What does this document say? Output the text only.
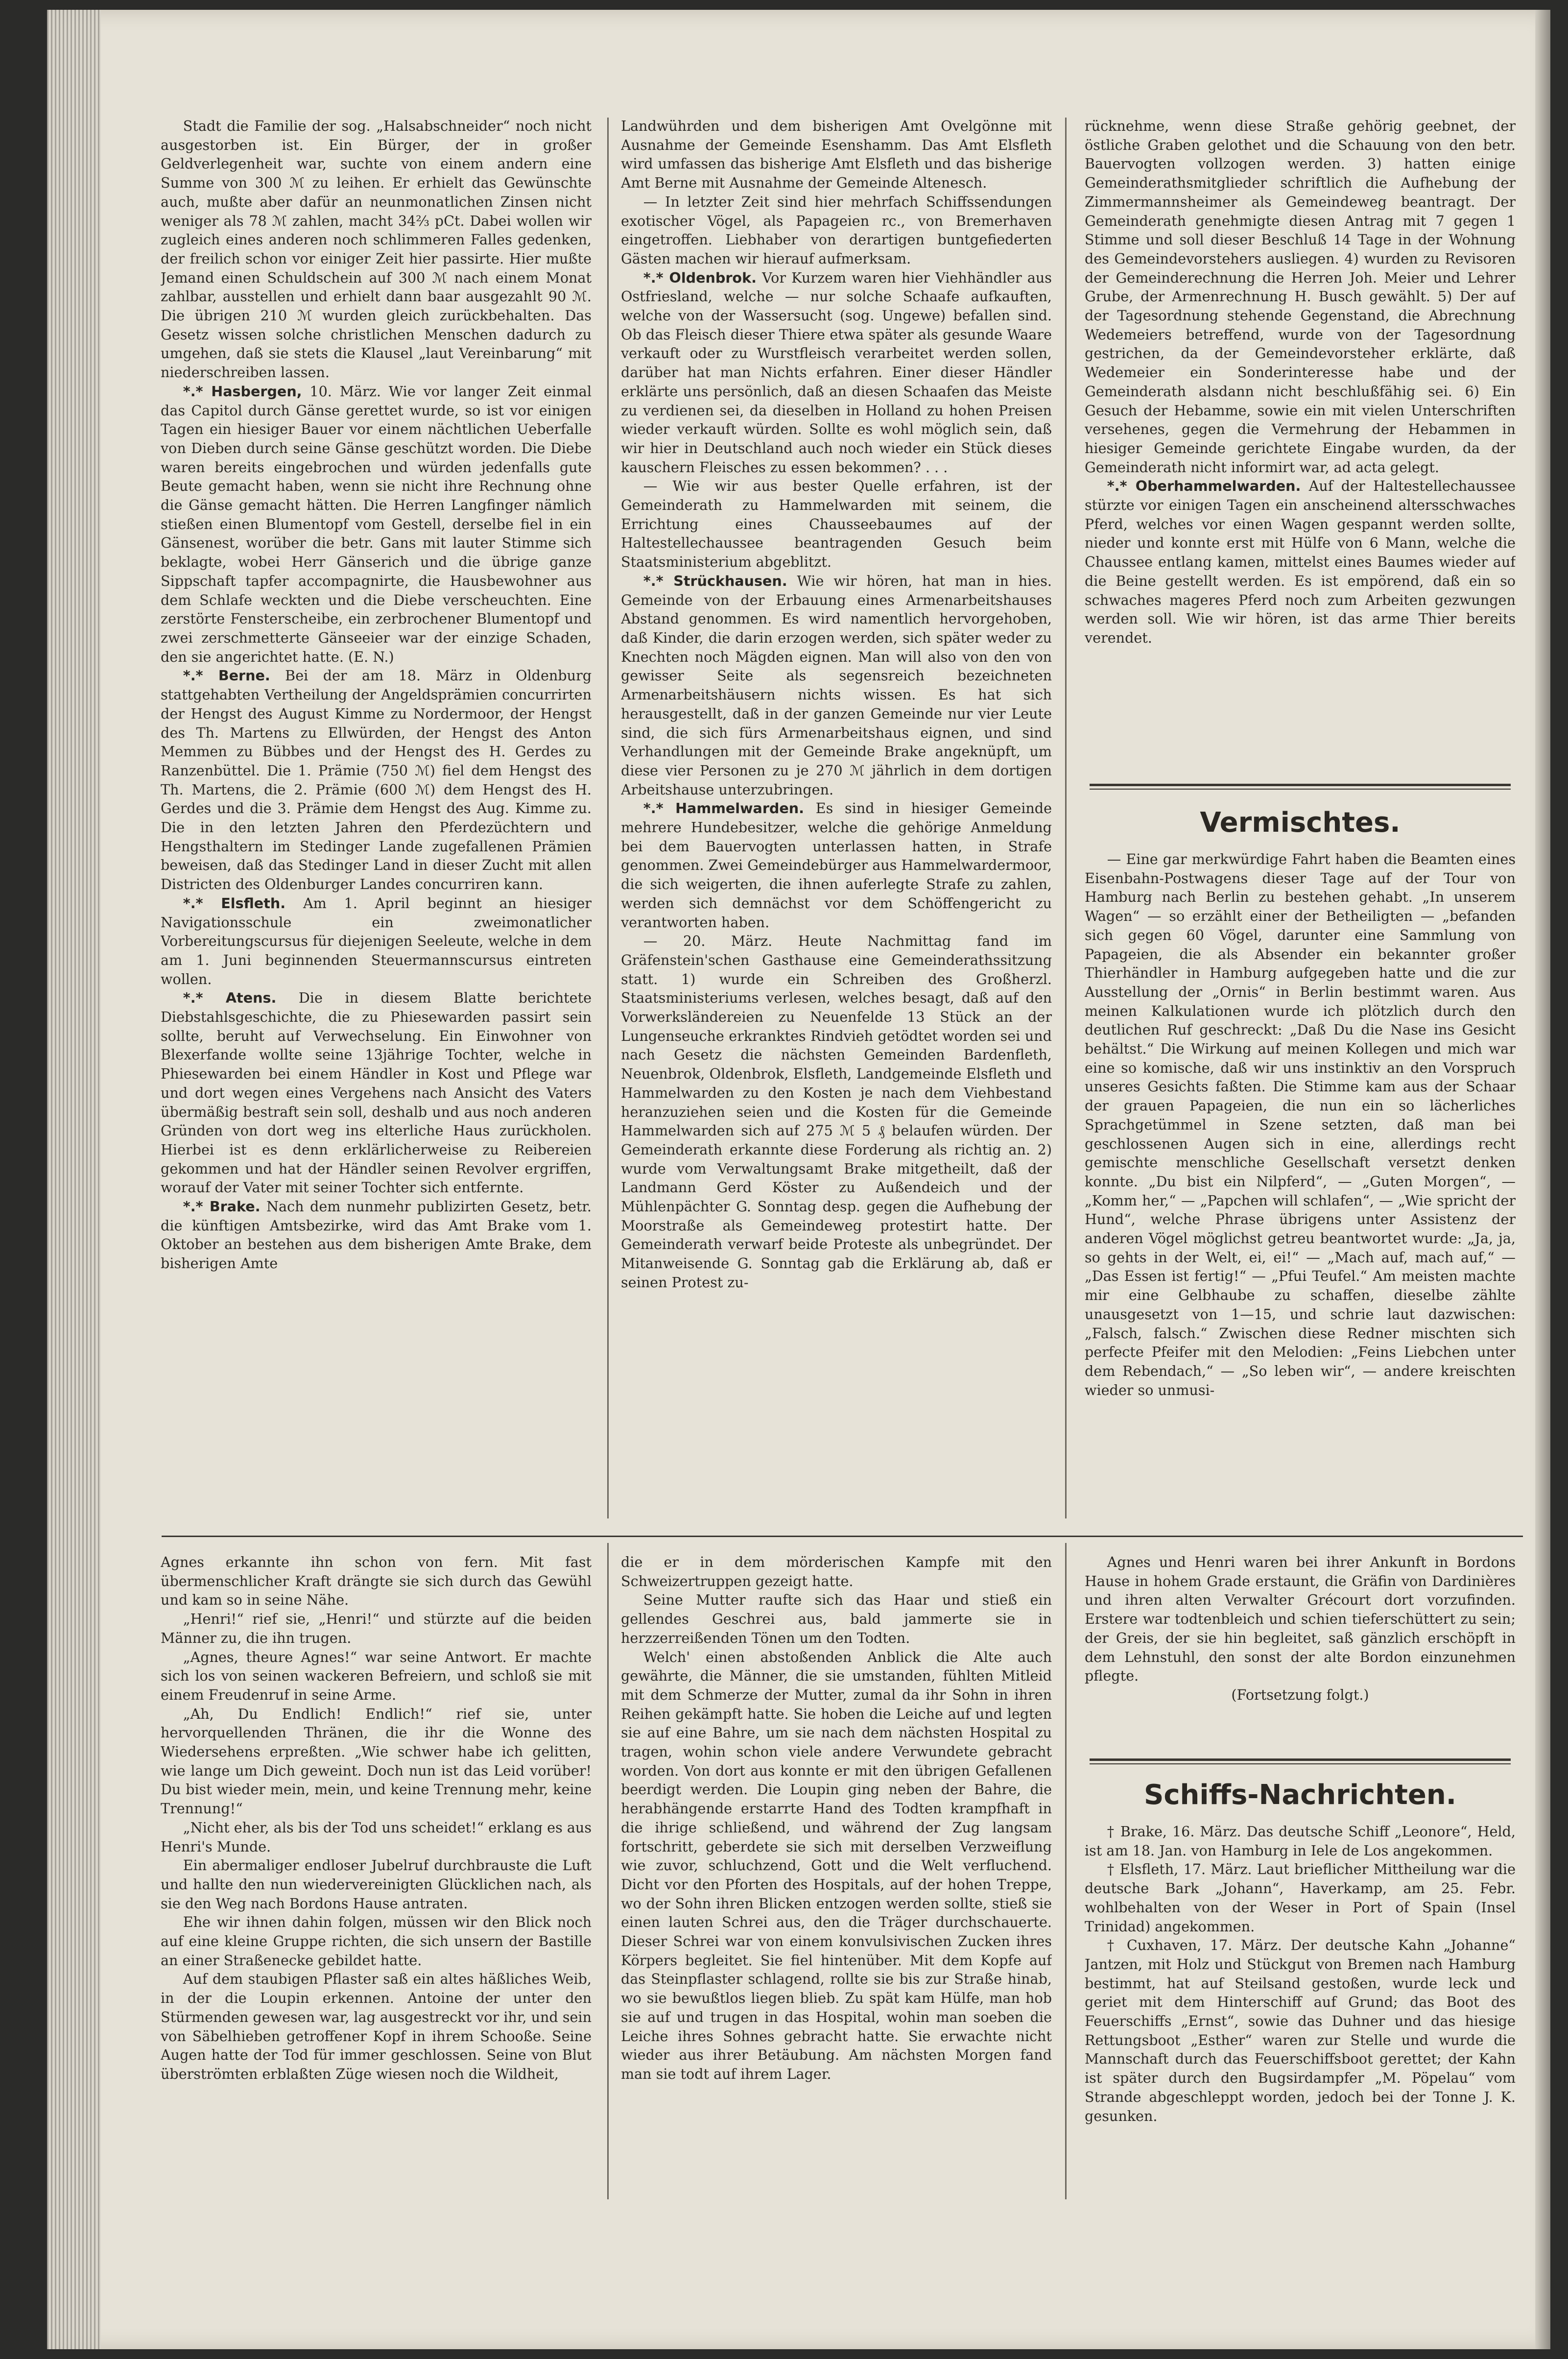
Stadt die Familie der sog. „Halsabschneider“ noch nicht ausgestorben ist. Ein Bürger, der in großer Geldverlegenheit war, suchte von einem andern eine Summe von 300 ℳ zu leihen. Er erhielt das Gewünschte auch, mußte aber dafür an neunmonatlichen Zinsen nicht weniger als 78 ℳ zahlen, macht 34⅔ pCt. Dabei wollen wir zugleich eines anderen noch schlimmeren Falles gedenken, der freilich schon vor einiger Zeit hier passirte. Hier mußte Jemand einen Schuldschein auf 300 ℳ nach einem Monat zahlbar, ausstellen und erhielt dann baar ausgezahlt 90 ℳ. Die übrigen 210 ℳ wurden gleich zurückbehalten. Das Gesetz wissen solche christlichen Menschen dadurch zu umgehen, daß sie stets die Klausel „laut Vereinbarung“ mit niederschreiben lassen.

*.* Hasbergen, 10. März. Wie vor langer Zeit einmal das Capitol durch Gänse gerettet wurde, so ist vor einigen Tagen ein hiesiger Bauer vor einem nächtlichen Ueberfalle von Dieben durch seine Gänse geschützt worden. Die Diebe waren bereits eingebrochen und würden jedenfalls gute Beute gemacht haben, wenn sie nicht ihre Rechnung ohne die Gänse gemacht hätten. Die Herren Langfinger nämlich stießen einen Blumentopf vom Gestell, derselbe fiel in ein Gänsenest, worüber die betr. Gans mit lauter Stimme sich beklagte, wobei Herr Gänserich und die übrige ganze Sippschaft tapfer accompagnirte, die Hausbewohner aus dem Schlafe weckten und die Diebe verscheuchten. Eine zerstörte Fensterscheibe, ein zerbrochener Blumentopf und zwei zerschmetterte Gänseeier war der einzige Schaden, den sie angerichtet hatte. (E. N.)

*.* Berne. Bei der am 18. März in Oldenburg stattgehabten Vertheilung der Angeldsprämien concurrirten der Hengst des August Kimme zu Nordermoor, der Hengst des Th. Martens zu Ellwürden, der Hengst des Anton Memmen zu Bübbes und der Hengst des H. Gerdes zu Ranzenbüttel. Die 1. Prämie (750 ℳ) fiel dem Hengst des Th. Martens, die 2. Prämie (600 ℳ) dem Hengst des H. Gerdes und die 3. Prämie dem Hengst des Aug. Kimme zu. Die in den letzten Jahren den Pferdezüchtern und Hengsthaltern im Stedinger Lande zugefallenen Prämien beweisen, daß das Stedinger Land in dieser Zucht mit allen Districten des Oldenburger Landes concurriren kann.

*.* Elsfleth. Am 1. April beginnt an hiesiger Navigationsschule ein zweimonatlicher Vorbereitungscursus für diejenigen Seeleute, welche in dem am 1. Juni beginnenden Steuermannscursus eintreten wollen.

*.* Atens. Die in diesem Blatte berichtete Diebstahlsgeschichte, die zu Phiesewarden passirt sein sollte, beruht auf Verwechselung. Ein Einwohner von Blexerfande wollte seine 13jährige Tochter, welche in Phiesewarden bei einem Händler in Kost und Pflege war und dort wegen eines Vergehens nach Ansicht des Vaters übermäßig bestraft sein soll, deshalb und aus noch anderen Gründen von dort weg ins elterliche Haus zurückholen. Hierbei ist es denn erklärlicherweise zu Reibereien gekommen und hat der Händler seinen Revolver ergriffen, worauf der Vater mit seiner Tochter sich entfernte.

*.* Brake. Nach dem nunmehr publizirten Gesetz, betr. die künftigen Amtsbezirke, wird das Amt Brake vom 1. Oktober an bestehen aus dem bisherigen Amte Brake, dem bisherigen Amte

Landwührden und dem bisherigen Amt Ovelgönne mit Ausnahme der Gemeinde Esenshamm. Das Amt Elsfleth wird umfassen das bisherige Amt Elsfleth und das bisherige Amt Berne mit Ausnahme der Gemeinde Altenesch.

— In letzter Zeit sind hier mehrfach Schiffssendungen exotischer Vögel, als Papageien rc., von Bremerhaven eingetroffen. Liebhaber von derartigen buntgefiederten Gästen machen wir hierauf aufmerksam.

*.* Oldenbrok. Vor Kurzem waren hier Viehhändler aus Ostfriesland, welche — nur solche Schaafe aufkauften, welche von der Wassersucht (sog. Ungewe) befallen sind. Ob das Fleisch dieser Thiere etwa später als gesunde Waare verkauft oder zu Wurstfleisch verarbeitet werden sollen, darüber hat man Nichts erfahren. Einer dieser Händler erklärte uns persönlich, daß an diesen Schaafen das Meiste zu verdienen sei, da dieselben in Holland zu hohen Preisen wieder verkauft würden. Sollte es wohl möglich sein, daß wir hier in Deutschland auch noch wieder ein Stück dieses kauschern Fleisches zu essen bekommen? . . .

— Wie wir aus bester Quelle erfahren, ist der Gemeinderath zu Hammelwarden mit seinem, die Errichtung eines Chausseebaumes auf der Haltestellechaussee beantragenden Gesuch beim Staatsministerium abgeblitzt.

*.* Strückhausen. Wie wir hören, hat man in hies. Gemeinde von der Erbauung eines Armenarbeitshauses Abstand genommen. Es wird namentlich hervorgehoben, daß Kinder, die darin erzogen werden, sich später weder zu Knechten noch Mägden eignen. Man will also von den von gewisser Seite als segensreich bezeichneten Armenarbeitshäusern nichts wissen. Es hat sich herausgestellt, daß in der ganzen Gemeinde nur vier Leute sind, die sich fürs Armenarbeitshaus eignen, und sind Verhandlungen mit der Gemeinde Brake angeknüpft, um diese vier Personen zu je 270 ℳ jährlich in dem dortigen Arbeitshause unterzubringen.

*.* Hammelwarden. Es sind in hiesiger Gemeinde mehrere Hundebesitzer, welche die gehörige Anmeldung bei dem Bauervogten unterlassen hatten, in Strafe genommen. Zwei Gemeindebürger aus Hammelwardermoor, die sich weigerten, die ihnen auferlegte Strafe zu zahlen, werden sich demnächst vor dem Schöffengericht zu verantworten haben.

— 20. März. Heute Nachmittag fand im Gräfenstein'schen Gasthause eine Gemeinderathssitzung statt. 1) wurde ein Schreiben des Großherzl. Staatsministeriums verlesen, welches besagt, daß auf den Vorwerksländereien zu Neuenfelde 13 Stück an der Lungenseuche erkranktes Rindvieh getödtet worden sei und nach Gesetz die nächsten Gemeinden Bardenfleth, Neuenbrok, Oldenbrok, Elsfleth, Landgemeinde Elsfleth und Hammelwarden zu den Kosten je nach dem Viehbestand heranzuziehen seien und die Kosten für die Gemeinde Hammelwarden sich auf 275 ℳ 5 ₰ belaufen würden. Der Gemeinderath erkannte diese Forderung als richtig an. 2) wurde vom Verwaltungsamt Brake mitgetheilt, daß der Landmann Gerd Köster zu Außendeich und der Mühlenpächter G. Sonntag desp. gegen die Aufhebung der Moorstraße als Gemeindeweg protestirt hatte. Der Gemeinderath verwarf beide Proteste als unbegründet. Der Mitanweisende G. Sonntag gab die Erklärung ab, daß er seinen Protest zu-

rücknehme, wenn diese Straße gehörig geebnet, der östliche Graben gelothet und die Schauung von den betr. Bauervogten vollzogen werden. 3) hatten einige Gemeinderathsmitglieder schriftlich die Aufhebung der Zimmermannsheimer als Gemeindeweg beantragt. Der Gemeinderath genehmigte diesen Antrag mit 7 gegen 1 Stimme und soll dieser Beschluß 14 Tage in der Wohnung des Gemeindevorstehers ausliegen. 4) wurden zu Revisoren der Gemeinderechnung die Herren Joh. Meier und Lehrer Grube, der Armenrechnung H. Busch gewählt. 5) Der auf der Tagesordnung stehende Gegenstand, die Abrechnung Wedemeiers betreffend, wurde von der Tagesordnung gestrichen, da der Gemeindevorsteher erklärte, daß Wedemeier ein Sonderinteresse habe und der Gemeinderath alsdann nicht beschlußfähig sei. 6) Ein Gesuch der Hebamme, sowie ein mit vielen Unterschriften versehenes, gegen die Vermehrung der Hebammen in hiesiger Gemeinde gerichtete Eingabe wurden, da der Gemeinderath nicht informirt war, ad acta gelegt.

*.* Oberhammelwarden. Auf der Haltestellechaussee stürzte vor einigen Tagen ein anscheinend altersschwaches Pferd, welches vor einen Wagen gespannt werden sollte, nieder und konnte erst mit Hülfe von 6 Mann, welche die Chaussee entlang kamen, mittelst eines Baumes wieder auf die Beine gestellt werden. Es ist empörend, daß ein so schwaches mageres Pferd noch zum Arbeiten gezwungen werden soll. Wie wir hören, ist das arme Thier bereits verendet.

Vermischtes.

— Eine gar merkwürdige Fahrt haben die Beamten eines Eisenbahn-Postwagens dieser Tage auf der Tour von Hamburg nach Berlin zu bestehen gehabt. „In unserem Wagen“ — so erzählt einer der Betheiligten — „befanden sich gegen 60 Vögel, darunter eine Sammlung von Papageien, die als Absender ein bekannter großer Thierhändler in Hamburg aufgegeben hatte und die zur Ausstellung der „Ornis“ in Berlin bestimmt waren. Aus meinen Kalkulationen wurde ich plötzlich durch den deutlichen Ruf geschreckt: „Daß Du die Nase ins Gesicht behältst.“ Die Wirkung auf meinen Kollegen und mich war eine so komische, daß wir uns instinktiv an den Vorspruch unseres Gesichts faßten. Die Stimme kam aus der Schaar der grauen Papageien, die nun ein so lächerliches Sprachgetümmel in Szene setzten, daß man bei geschlossenen Augen sich in eine, allerdings recht gemischte menschliche Gesellschaft versetzt denken konnte. „Du bist ein Nilpferd“, — „Guten Morgen“, — „Komm her,“ — „Papchen will schlafen“, — „Wie spricht der Hund“, welche Phrase übrigens unter Assistenz der anderen Vögel möglichst getreu beantwortet wurde: „Ja, ja, so gehts in der Welt, ei, ei!“ — „Mach auf, mach auf,“ — „Das Essen ist fertig!“ — „Pfui Teufel.“ Am meisten machte mir eine Gelbhaube zu schaffen, dieselbe zählte unausgesetzt von 1—15, und schrie laut dazwischen: „Falsch, falsch.“ Zwischen diese Redner mischten sich perfecte Pfeifer mit den Melodien: „Feins Liebchen unter dem Rebendach,“ — „So leben wir“, — andere kreischten wieder so unmusi-

Agnes erkannte ihn schon von fern. Mit fast übermenschlicher Kraft drängte sie sich durch das Gewühl und kam so in seine Nähe.

„Henri!“ rief sie, „Henri!“ und stürzte auf die beiden Männer zu, die ihn trugen.

„Agnes, theure Agnes!“ war seine Antwort. Er machte sich los von seinen wackeren Befreiern, und schloß sie mit einem Freudenruf in seine Arme.

„Ah, Du Endlich! Endlich!“ rief sie, unter hervorquellenden Thränen, die ihr die Wonne des Wiedersehens erpreßten. „Wie schwer habe ich gelitten, wie lange um Dich geweint. Doch nun ist das Leid vorüber! Du bist wieder mein, mein, und keine Trennung mehr, keine Trennung!“

„Nicht eher, als bis der Tod uns scheidet!“ erklang es aus Henri's Munde.

Ein abermaliger endloser Jubelruf durchbrauste die Luft und hallte den nun wiedervereinigten Glücklichen nach, als sie den Weg nach Bordons Hause antraten.

Ehe wir ihnen dahin folgen, müssen wir den Blick noch auf eine kleine Gruppe richten, die sich unsern der Bastille an einer Straßenecke gebildet hatte.

Auf dem staubigen Pflaster saß ein altes häßliches Weib, in der die Loupin erkennen. Antoine der unter den Stürmenden gewesen war, lag ausgestreckt vor ihr, und sein von Säbelhieben getroffener Kopf in ihrem Schooße. Seine Augen hatte der Tod für immer geschlossen. Seine von Blut überströmten erblaßten Züge wiesen noch die Wildheit,

die er in dem mörderischen Kampfe mit den Schweizertruppen gezeigt hatte.

Seine Mutter raufte sich das Haar und stieß ein gellendes Geschrei aus, bald jammerte sie in herzzerreißenden Tönen um den Todten.

Welch' einen abstoßenden Anblick die Alte auch gewährte, die Männer, die sie umstanden, fühlten Mitleid mit dem Schmerze der Mutter, zumal da ihr Sohn in ihren Reihen gekämpft hatte. Sie hoben die Leiche auf und legten sie auf eine Bahre, um sie nach dem nächsten Hospital zu tragen, wohin schon viele andere Verwundete gebracht worden. Von dort aus konnte er mit den übrigen Gefallenen beerdigt werden. Die Loupin ging neben der Bahre, die herabhängende erstarrte Hand des Todten krampfhaft in die ihrige schließend, und während der Zug langsam fortschritt, geberdete sie sich mit derselben Verzweiflung wie zuvor, schluchzend, Gott und die Welt verfluchend. Dicht vor den Pforten des Hospitals, auf der hohen Treppe, wo der Sohn ihren Blicken entzogen werden sollte, stieß sie einen lauten Schrei aus, den die Träger durchschauerte. Dieser Schrei war von einem konvulsivischen Zucken ihres Körpers begleitet. Sie fiel hintenüber. Mit dem Kopfe auf das Steinpflaster schlagend, rollte sie bis zur Straße hinab, wo sie bewußtlos liegen blieb. Zu spät kam Hülfe, man hob sie auf und trugen in das Hospital, wohin man soeben die Leiche ihres Sohnes gebracht hatte. Sie erwachte nicht wieder aus ihrer Betäubung. Am nächsten Morgen fand man sie todt auf ihrem Lager.

Agnes und Henri waren bei ihrer Ankunft in Bordons Hause in hohem Grade erstaunt, die Gräfin von Dardinières und ihren alten Verwalter Grécourt dort vorzufinden. Erstere war todtenbleich und schien tieferschüttert zu sein; der Greis, der sie hin begleitet, saß gänzlich erschöpft in dem Lehnstuhl, den sonst der alte Bordon einzunehmen pflegte.

(Fortsetzung folgt.)

Schiffs-Nachrichten.

† Brake, 16. März. Das deutsche Schiff „Leonore“, Held, ist am 18. Jan. von Hamburg in Iele de Los angekommen.

† Elsfleth, 17. März. Laut brieflicher Mittheilung war die deutsche Bark „Johann“, Haverkamp, am 25. Febr. wohlbehalten von der Weser in Port of Spain (Insel Trinidad) angekommen.

† Cuxhaven, 17. März. Der deutsche Kahn „Johanne“ Jantzen, mit Holz und Stückgut von Bremen nach Hamburg bestimmt, hat auf Steilsand gestoßen, wurde leck und geriet mit dem Hinterschiff auf Grund; das Boot des Feuerschiffs „Ernst“, sowie das Duhner und das hiesige Rettungsboot „Esther“ waren zur Stelle und wurde die Mannschaft durch das Feuerschiffsboot gerettet; der Kahn ist später durch den Bugsirdampfer „M. Pöpelau“ vom Strande abgeschleppt worden, jedoch bei der Tonne J. K. gesunken.
